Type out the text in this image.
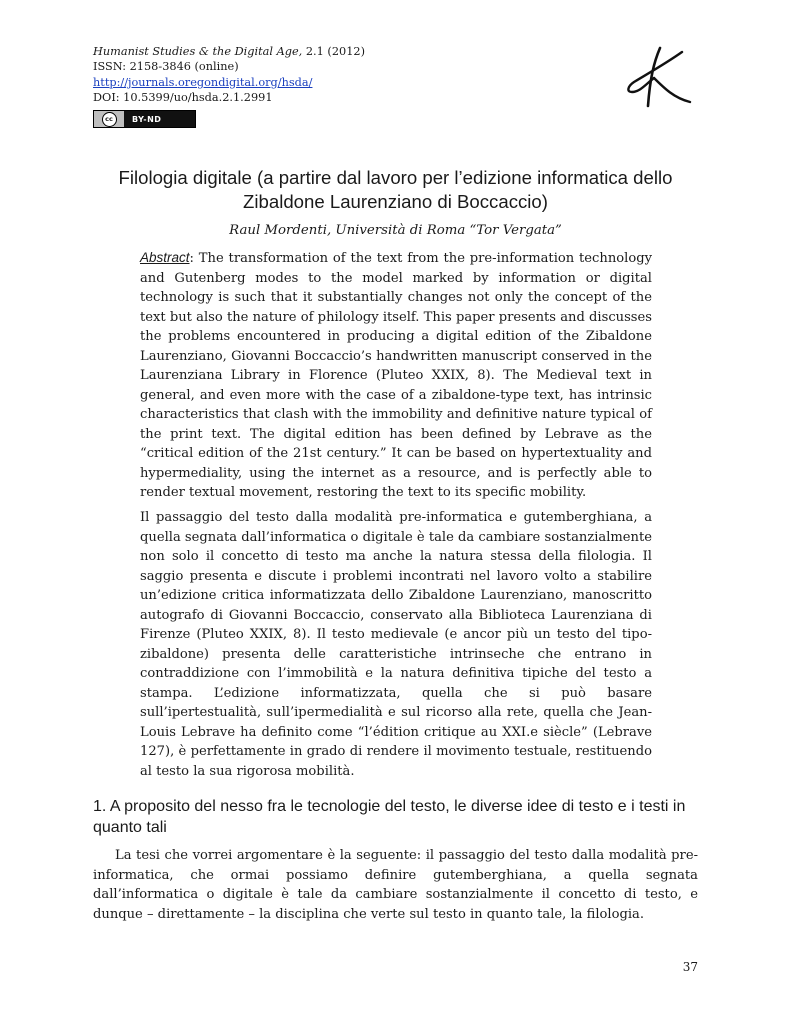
Humanist Studies & the Digital Age, 2.1 (2012)
ISSN: 2158-3846 (online)
http://journals.oregondigital.org/hsda/
DOI: 10.5399/uo/hsda.2.1.2991
cc	BY-ND
Filologia digitale (a partire dal lavoro per l’edizione informatica dello
Zibaldone Laurenziano di Boccaccio)
Raul Mordenti, Università di Roma “Tor Vergata”
Abstract: The transformation of the text from the pre-information technology and Gutenberg modes to the model marked by information or digital technology is such that it substantially changes not only the concept of the text but also the nature of philology itself. This paper presents and discusses the problems encountered in producing a digital edition of the Zibaldone Laurenziano, Giovanni Boccaccio’s handwritten manuscript conserved in the Laurenziana Library in Florence (Pluteo XXIX, 8). The Medieval text in general, and even more with the case of a zibaldone-type text, has intrinsic characteristics that clash with the immobility and definitive nature typical of the print text. The digital edition has been defined by Lebrave as the “critical edition of the 21st century.” It can be based on hypertextuality and hypermediality, using the internet as a resource, and is perfectly able to render textual movement, restoring the text to its specific mobility.
Il passaggio del testo dalla modalità pre-informatica e gutemberghiana, a quella segnata dall’informatica o digitale è tale da cambiare sostanzialmente non solo il concetto di testo ma anche la natura stessa della filologia. Il saggio presenta e discute i problemi incontrati nel lavoro volto a stabilire un’edizione critica informatizzata dello Zibaldone Laurenziano, manoscritto autografo di Giovanni Boccaccio, conservato alla Biblioteca Laurenziana di Firenze (Pluteo XXIX, 8). Il testo medievale (e ancor più un testo del tipo-zibaldone) presenta delle caratteristiche intrinseche che entrano in contraddizione con l’immobilità e la natura definitiva tipiche del testo a stampa. L’edizione informatizzata, quella che si può basare sull’ipertestualità, sull’ipermedialità e sul ricorso alla rete, quella che Jean-Louis Lebrave ha definito come “l’édition critique au XXI.e siècle” (Lebrave 127), è perfettamente in grado di rendere il movimento testuale, restituendo al testo la sua rigorosa mobilità.
1. A proposito del nesso fra le tecnologie del testo, le diverse idee di testo e i testi in quanto tali
La tesi che vorrei argomentare è la seguente: il passaggio del testo dalla modalità pre-informatica, che ormai possiamo definire gutemberghiana, a quella segnata dall’informatica o digitale è tale da cambiare sostanzialmente il concetto di testo, e dunque – direttamente – la disciplina che verte sul testo in quanto tale, la filologia.
37
